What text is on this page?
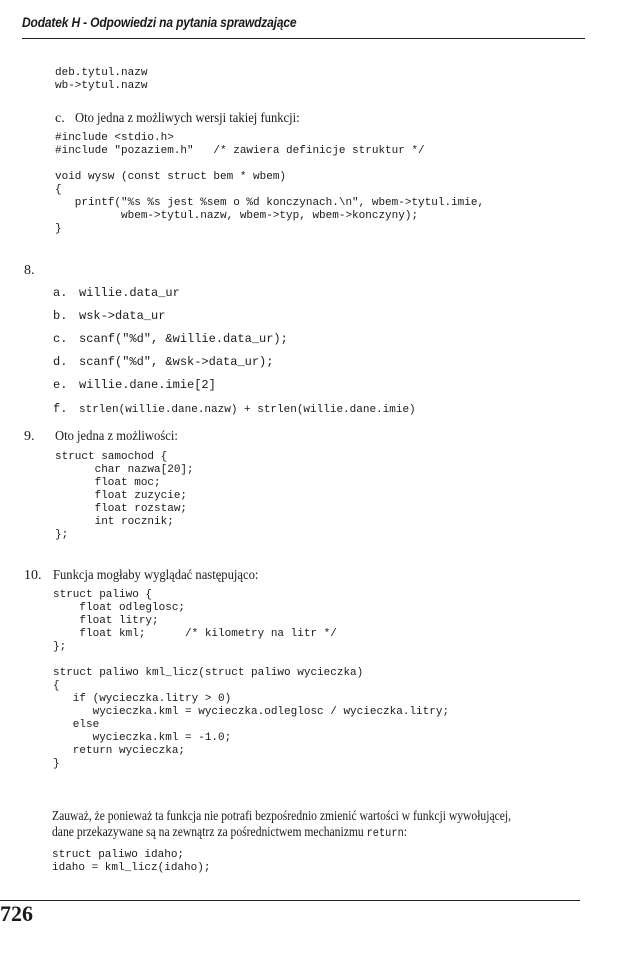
Dodatek H - Odpowiedzi na pytania sprawdzające
deb.tytul.nazw
wb->tytul.nazw
c. Oto jedna z możliwych wersji takiej funkcji:
#include <stdio.h>
#include "pozaziem.h"   /* zawiera definicje struktur */
void wysw (const struct bem * wbem)
{
printf("%s %s jest %sem o %d konczynach.\n", wbem->tytul.imie,
wbem->tytul.nazw, wbem->typ, wbem->konczyny);
}
8.
a. willie.data_ur
b. wsk->data_ur
c. scanf("%d", &willie.data_ur);
d. scanf("%d", &wsk->data_ur);
e. willie.dane.imie[2]
f. strlen(willie.dane.nazw) + strlen(willie.dane.imie)
9. Oto jedna z możliwości:
struct samochod {
char nazwa[20];
float moc;
float zuzycie;
float rozstaw;
int rocznik;
};
10. Funkcja mogłaby wyglądać następująco:
struct paliwo {
float odleglosc;
float litry;
float kml;      /* kilometry na litr */
};
struct paliwo kml_licz(struct paliwo wycieczka)
{
if (wycieczka.litry > 0)
wycieczka.kml = wycieczka.odleglosc / wycieczka.litry;
else
wycieczka.kml = -1.0;
return wycieczka;
}
Zauważ, że ponieważ ta funkcja nie potrafi bezpośrednio zmienić wartości w funkcji wywołującej,
dane przekazywane są na zewnątrz za pośrednictwem mechanizmu return:
struct paliwo idaho;
idaho = kml_licz(idaho);
726
